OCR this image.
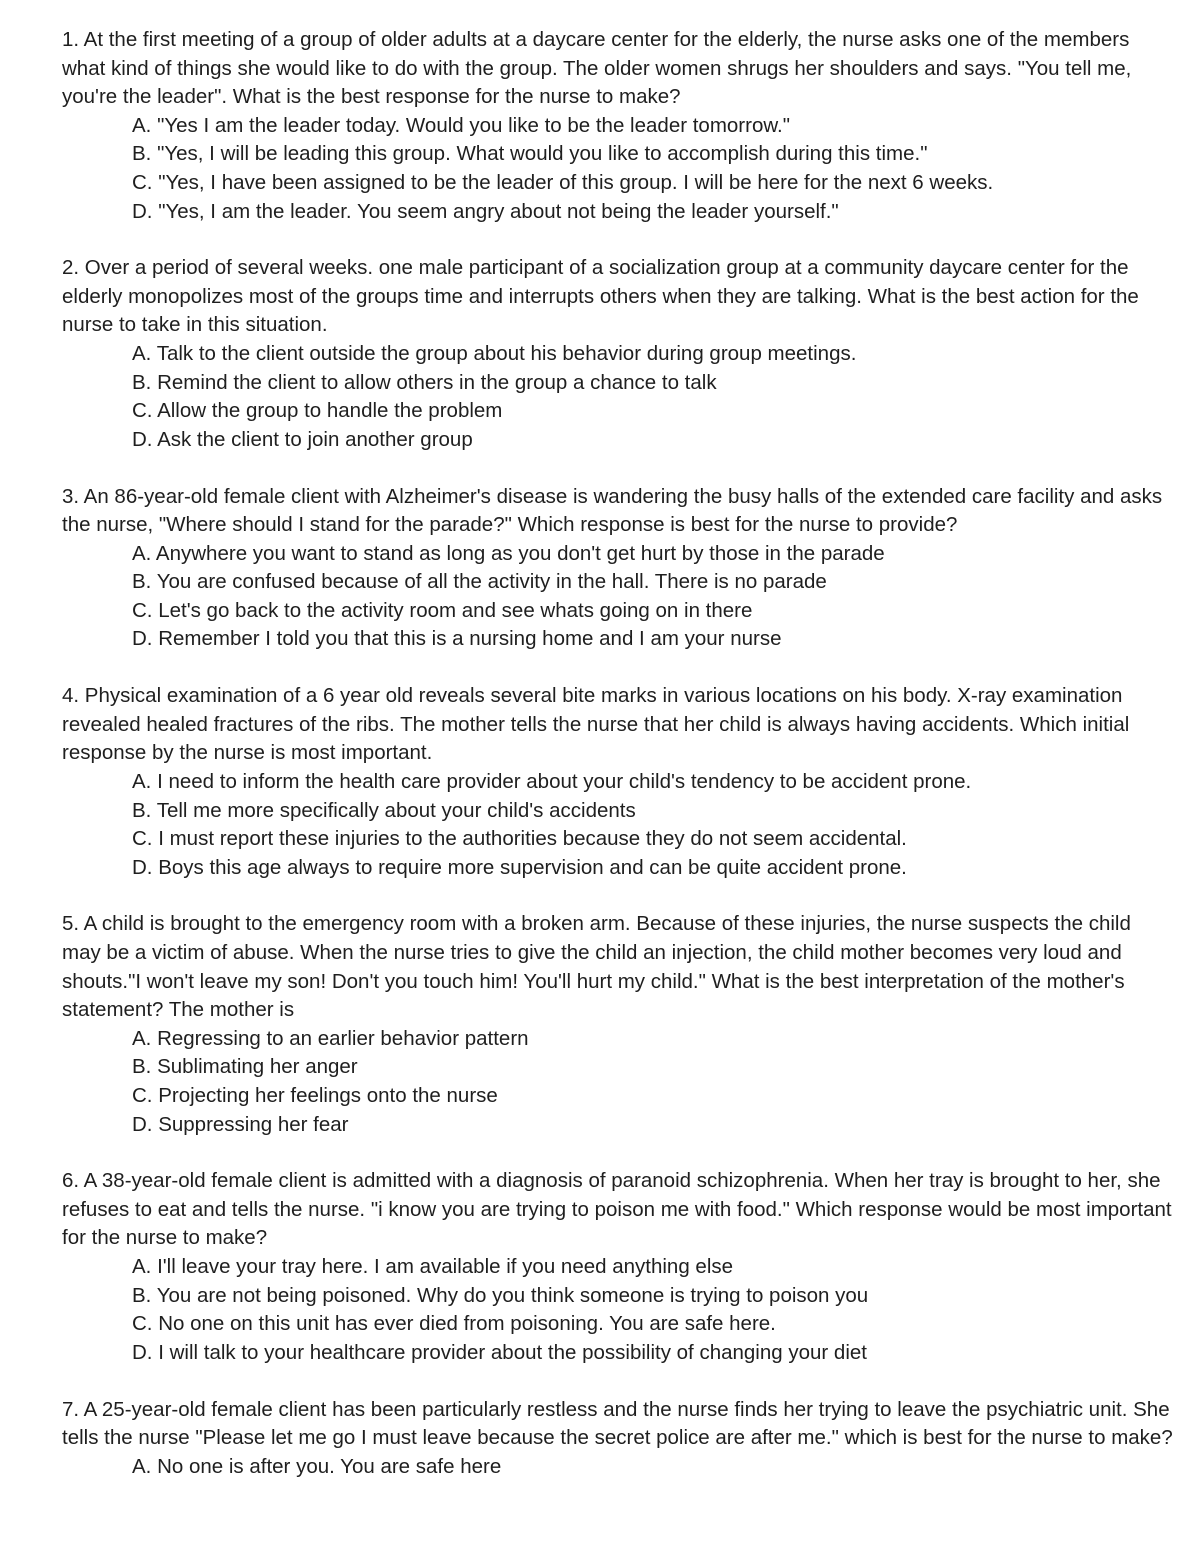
1. At the first meeting of a group of older adults at a daycare center for the elderly, the nurse asks one of the members what kind of things she would like to do with the group. The older women shrugs her shoulders and says. "You tell me, you're the leader". What is the best response for the nurse to make?

A. "Yes I am the leader today. Would you like to be the leader tomorrow."
B. "Yes, I will be leading this group. What would you like to accomplish during this time."
C. "Yes, I have been assigned to be the leader of this group. I will be here for the next 6 weeks.
D. "Yes, I am the leader. You seem angry about not being the leader yourself."

2. Over a period of several weeks. one male participant of a socialization group at a community daycare center for the elderly monopolizes most of the groups time and interrupts others when they are talking. What is the best action for the nurse to take in this situation.

A. Talk to the client outside the group about his behavior during group meetings.
B. Remind the client to allow others in the group a chance to talk
C. Allow the group to handle the problem
D. Ask the client to join another group

3. An 86-year-old female client with Alzheimer's disease is wandering the busy halls of the extended care facility and asks the nurse, "Where should I stand for the parade?" Which response is best for the nurse to provide?

A. Anywhere you want to stand as long as you don't get hurt by those in the parade
B. You are confused because of all the activity in the hall. There is no parade
C. Let's go back to the activity room and see whats going on in there
D. Remember I told you that this is a nursing home and I am your nurse

4. Physical examination of a 6 year old reveals several bite marks in various locations on his body. X-ray examination revealed healed fractures of the ribs. The mother tells the nurse that her child is always having accidents. Which initial response by the nurse is most important.

A. I need to inform the health care provider about your child's tendency to be accident prone.
B. Tell me more specifically about your child's accidents
C. I must report these injuries to the authorities because they do not seem accidental.
D. Boys this age always to require more supervision and can be quite accident prone.

5. A child is brought to the emergency room with a broken arm. Because of these injuries, the nurse suspects the child may be a victim of abuse. When the nurse tries to give the child an injection, the child mother becomes very loud and shouts."I won't leave my son! Don't you touch him! You'll hurt my child." What is the best interpretation of the mother's statement? The mother is

A. Regressing to an earlier behavior pattern
B. Sublimating her anger
C. Projecting her feelings onto the nurse
D. Suppressing her fear

6. A 38-year-old female client is admitted with a diagnosis of paranoid schizophrenia. When her tray is brought to her, she refuses to eat and tells the nurse. "i know you are trying to poison me with food." Which response would be most important for the nurse to make?

A. I'll leave your tray here. I am available if you need anything else
B. You are not being poisoned. Why do you think someone is trying to poison you
C. No one on this unit has ever died from poisoning. You are safe here.
D. I will talk to your healthcare provider about the possibility of changing your diet

7. A 25-year-old female client has been particularly restless and the nurse finds her trying to leave the psychiatric unit. She tells the nurse "Please let me go I must leave because the secret police are after me." which is best for the nurse to make?

A. No one is after you. You are safe here
